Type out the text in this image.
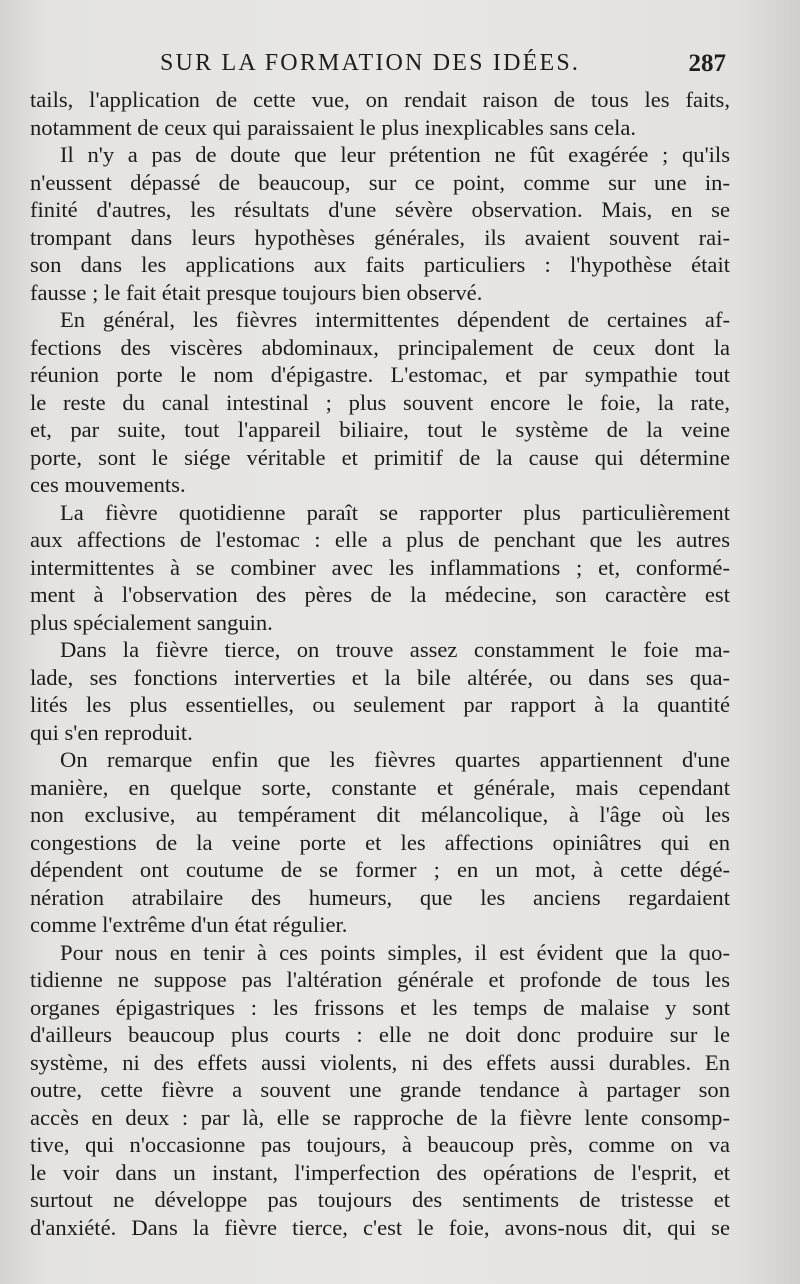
SUR LA FORMATION DES IDÉES.	287

tails, l'application de cette vue, on rendait raison de tous les faits,

notamment de ceux qui paraissaient le plus inexplicables sans cela.

Il n'y a pas de doute que leur prétention ne fût exagérée ; qu'ils

n'eussent dépassé de beaucoup, sur ce point, comme sur une in-

finité d'autres, les résultats d'une sévère observation. Mais, en se

trompant dans leurs hypothèses générales, ils avaient souvent rai-

son dans les applications aux faits particuliers : l'hypothèse était

fausse ; le fait était presque toujours bien observé.

En général, les fièvres intermittentes dépendent de certaines af-

fections des viscères abdominaux, principalement de ceux dont la

réunion porte le nom d'épigastre. L'estomac, et par sympathie tout

le reste du canal intestinal ; plus souvent encore le foie, la rate,

et, par suite, tout l'appareil biliaire, tout le système de la veine

porte, sont le siége véritable et primitif de la cause qui détermine

ces mouvements.

La fièvre quotidienne paraît se rapporter plus particulièrement

aux affections de l'estomac : elle a plus de penchant que les autres

intermittentes à se combiner avec les inflammations ; et, conformé-

ment à l'observation des pères de la médecine, son caractère est

plus spécialement sanguin.

Dans la fièvre tierce, on trouve assez constamment le foie ma-

lade, ses fonctions interverties et la bile altérée, ou dans ses qua-

lités les plus essentielles, ou seulement par rapport à la quantité

qui s'en reproduit.

On remarque enfin que les fièvres quartes appartiennent d'une

manière, en quelque sorte, constante et générale, mais cependant

non exclusive, au tempérament dit mélancolique, à l'âge où les

congestions de la veine porte et les affections opiniâtres qui en

dépendent ont coutume de se former ; en un mot, à cette dégé-

nération atrabilaire des humeurs, que les anciens regardaient

comme l'extrême d'un état régulier.

Pour nous en tenir à ces points simples, il est évident que la quo-

tidienne ne suppose pas l'altération générale et profonde de tous les

organes épigastriques : les frissons et les temps de malaise y sont

d'ailleurs beaucoup plus courts : elle ne doit donc produire sur le

système, ni des effets aussi violents, ni des effets aussi durables. En

outre, cette fièvre a souvent une grande tendance à partager son

accès en deux : par là, elle se rapproche de la fièvre lente consomp-

tive, qui n'occasionne pas toujours, à beaucoup près, comme on va

le voir dans un instant, l'imperfection des opérations de l'esprit, et

surtout ne développe pas toujours des sentiments de tristesse et

d'anxiété. Dans la fièvre tierce, c'est le foie, avons-nous dit, qui se
